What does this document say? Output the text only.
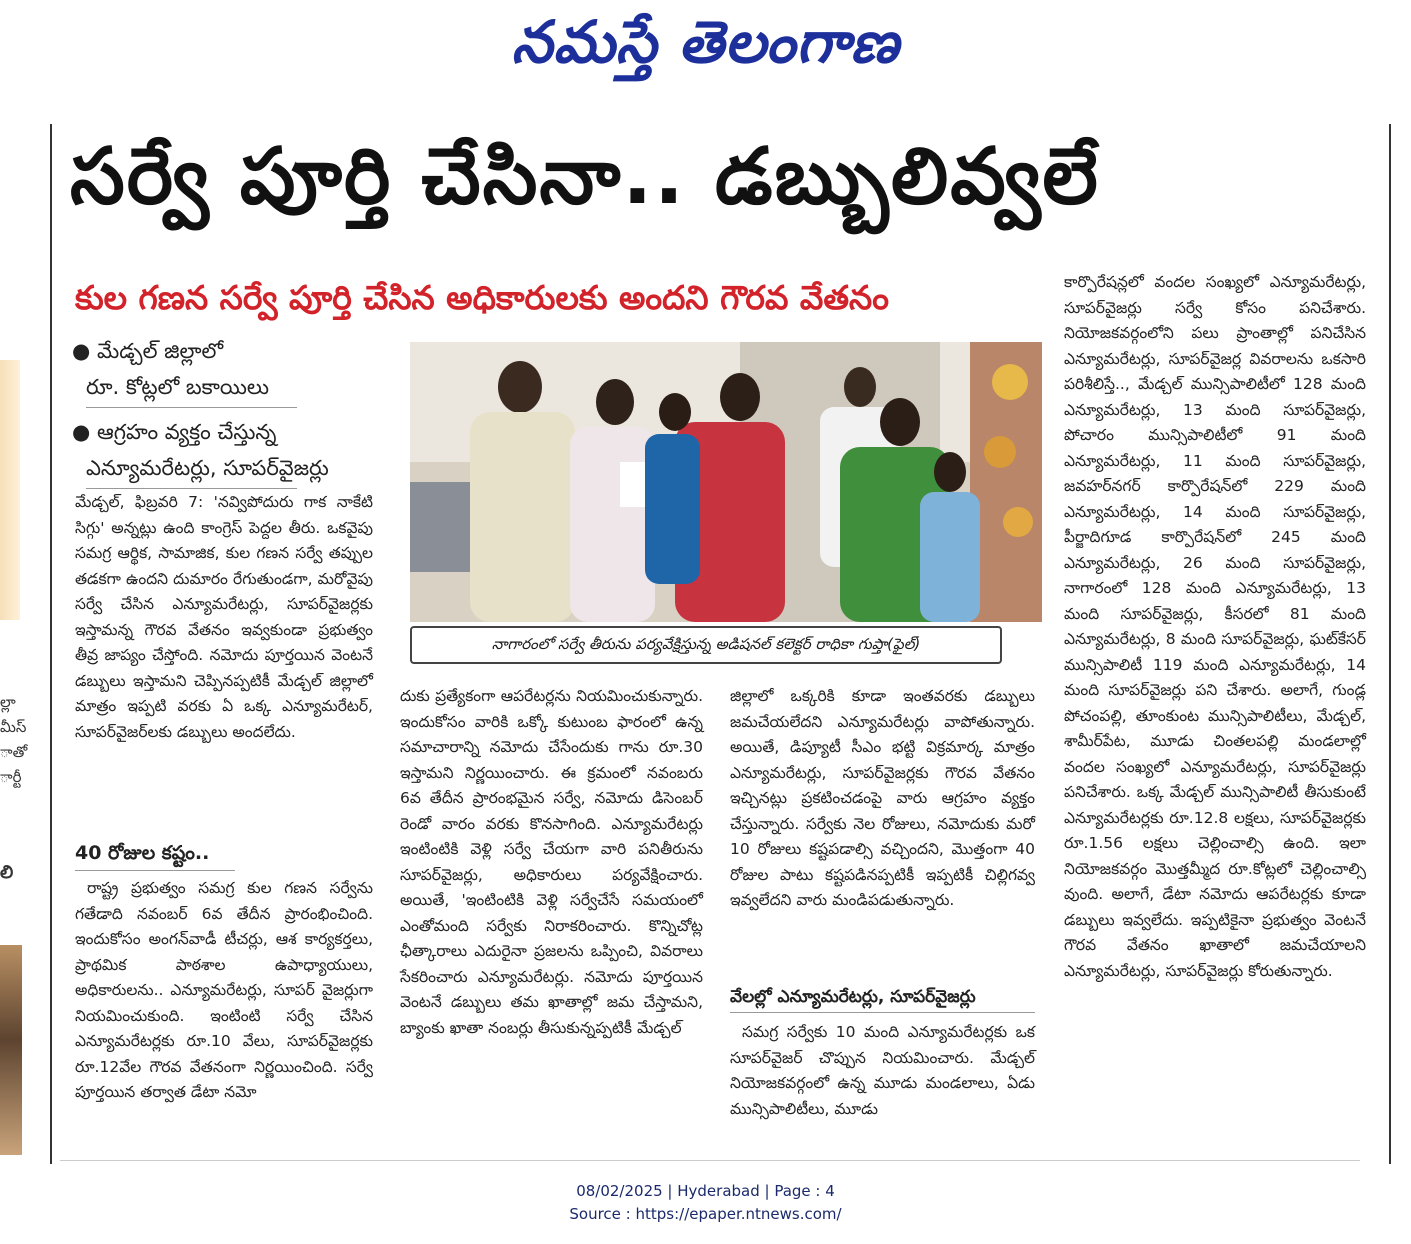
నమస్తే తెలంగాణ
ల్లా
మీస్
ాతో
ార్టీ
లి
సర్వే పూర్తి చేసినా.. డబ్బులివ్వలే
కుల గణన సర్వే పూర్తి చేసిన అధికారులకు అందని గౌరవ వేతనం
● మేడ్చల్ జిల్లాలో
రూ. కోట్లలో బకాయిలు
● ఆగ్రహం వ్యక్తం చేస్తున్న
ఎన్యూమరేటర్లు, సూపర్‌వైజర్లు
నాగారంలో సర్వే తీరును పర్యవేక్షిస్తున్న అడిషనల్ కలెక్టర్ రాధికా గుప్తా(ఫైల్)

మేడ్చల్, ఫిబ్రవరి 7: 'నవ్విపోదురు గాక నాకేటి సిగ్గు' అన్నట్లు ఉంది కాంగ్రెస్ పెద్దల తీరు. ఒకవైపు సమగ్ర ఆర్థిక, సామాజిక, కుల గణన సర్వే తప్పుల తడకగా ఉందని దుమారం రేగుతుండగా, మరోవైపు సర్వే చేసిన ఎన్యూమరేటర్లు, సూపర్‌వైజర్లకు ఇస్తామన్న గౌరవ వేతనం ఇవ్వకుండా ప్రభుత్వం తీవ్ర జాప్యం చేస్తోంది. నమోదు పూర్తయిన వెంటనే డబ్బులు ఇస్తామని చెప్పినప్పటికీ మేడ్చల్ జిల్లాలో మాత్రం ఇప్పటి వరకు ఏ ఒక్క ఎన్యూమరేటర్, సూపర్‌వైజర్‌లకు డబ్బులు అందలేదు.

40 రోజుల కష్టం..

రాష్ట్ర ప్రభుత్వం సమగ్ర కుల గణన సర్వేను గతేడాది నవంబర్ 6వ తేదీన ప్రారంభించింది. ఇందుకోసం అంగన్‌వాడీ టీచర్లు, ఆశ కార్యకర్తలు, ప్రాథమిక పాఠశాల ఉపాధ్యాయులు, అధికారులను.. ఎన్యూమరేటర్లు, సూపర్ వైజర్లుగా నియమించుకుంది. ఇంటింటి సర్వే చేసిన ఎన్యూమరేటర్లకు రూ.10 వేలు, సూపర్‌వైజర్లకు రూ.12వేల గౌరవ వేతనంగా నిర్ణయించింది. సర్వే పూర్తయిన తర్వాత డేటా నమో

దుకు ప్రత్యేకంగా ఆపరేటర్లను నియమించుకున్నారు. ఇందుకోసం వారికి ఒక్కో కుటుంబ ఫారంలో ఉన్న సమాచారాన్ని నమోదు చేసేందుకు గాను రూ.30 ఇస్తామని నిర్ణయించారు. ఈ క్రమంలో నవంబరు 6వ తేదీన ప్రారంభమైన సర్వే, నమోదు డిసెంబర్ రెండో వారం వరకు కొనసాగింది. ఎన్యూమరేటర్లు ఇంటింటికి వెళ్లి సర్వే చేయగా వారి పనితీరును సూపర్‌వైజర్లు, అధికారులు పర్యవేక్షించారు. అయితే, 'ఇంటింటికి వెళ్లి సర్వేచేసే సమయంలో ఎంతోమంది సర్వేకు నిరాకరించారు. కొన్నిచోట్ల ఛీత్కారాలు ఎదురైనా ప్రజలను ఒప్పించి, వివరాలు సేకరించారు ఎన్యూమరేటర్లు. నమోదు పూర్తయిన వెంటనే డబ్బులు తమ ఖాతాల్లో జమ చేస్తామని, బ్యాంకు ఖాతా నంబర్లు తీసుకున్నప్పటికీ మేడ్చల్

జిల్లాలో ఒక్కరికి కూడా ఇంతవరకు డబ్బులు జమచేయలేదని ఎన్యూమరేటర్లు వాపోతున్నారు. అయితే, డిప్యూటీ సీఎం భట్టి విక్రమార్క మాత్రం ఎన్యూమరేటర్లు, సూపర్‌వైజర్లకు గౌరవ వేతనం ఇచ్చినట్లు ప్రకటించడంపై వారు ఆగ్రహం వ్యక్తం చేస్తున్నారు. సర్వేకు నెల రోజులు, నమోదుకు మరో 10 రోజులు కష్టపడాల్సి వచ్చిందని, మొత్తంగా 40 రోజుల పాటు కష్టపడినప్పటికీ ఇప్పటికీ చిల్లిగవ్వ ఇవ్వలేదని వారు మండిపడుతున్నారు.

వేలల్లో ఎన్యూమరేటర్లు, సూపర్‌వైజర్లు

సమగ్ర సర్వేకు 10 మంది ఎన్యూమరేటర్లకు ఒక సూపర్‌వైజర్ చొప్పున నియమించారు. మేడ్చల్ నియోజకవర్గంలో ఉన్న మూడు మండలాలు, ఏడు మున్సిపాలిటీలు, మూడు

కార్పొరేషన్లలో వందల సంఖ్యలో ఎన్యూమరేటర్లు, సూపర్‌వైజర్లు సర్వే కోసం పనిచేశారు. నియోజకవర్గంలోని పలు ప్రాంతాల్లో పనిచేసిన ఎన్యూమరేటర్లు, సూపర్‌వైజర్ల వివరాలను ఒకసారి పరిశీలిస్తే.., మేడ్చల్ మున్సిపాలిటీలో 128 మంది ఎన్యూమరేటర్లు, 13 మంది సూపర్‌వైజర్లు, పోచారం మున్సిపాలిటీలో 91 మంది ఎన్యూమరేటర్లు, 11 మంది సూపర్‌వైజర్లు, జవహర్‌నగర్ కార్పొరేషన్‌లో 229 మంది ఎన్యూమరేటర్లు, 14 మంది సూపర్‌వైజర్లు, పీర్జాదిగూడ కార్పొరేషన్‌లో 245 మంది ఎన్యూమరేటర్లు, 26 మంది సూపర్‌వైజర్లు, నాగారంలో 128 మంది ఎన్యూమరేటర్లు, 13 మంది సూపర్‌వైజర్లు, కీసరలో 81 మంది ఎన్యూమరేటర్లు, 8 మంది సూపర్‌వైజర్లు, ఘట్‌కేసర్ మున్సిపాలిటీ 119 మంది ఎన్యూమరేటర్లు, 14 మంది సూపర్‌వైజర్లు పని చేశారు. అలాగే, గుండ్ల పోచంపల్లి, తూంకుంట మున్సిపాలిటీలు, మేడ్చల్, శామీర్‌పేట, మూడు చింతలపల్లి మండలాల్లో వందల సంఖ్యలో ఎన్యూమరేటర్లు, సూపర్‌వైజర్లు పనిచేశారు. ఒక్క మేడ్చల్ మున్సిపాలిటీ తీసుకుంటే ఎన్యూమరేటర్లకు రూ.12.8 లక్షలు, సూపర్‌వైజర్లకు రూ.1.56 లక్షలు చెల్లించాల్సి ఉంది. ఇలా నియోజకవర్గం మొత్తమ్మీద రూ.కోట్లలో చెల్లించాల్సి వుంది. అలాగే, డేటా నమోదు ఆపరేటర్లకు కూడా డబ్బులు ఇవ్వలేదు. ఇప్పటికైనా ప్రభుత్వం వెంటనే గౌరవ వేతనం ఖాతాలో జమచేయాలని ఎన్యూమరేటర్లు, సూపర్‌వైజర్లు కోరుతున్నారు.

08/02/2025 | Hyderabad | Page : 4
Source : https://epaper.ntnews.com/
